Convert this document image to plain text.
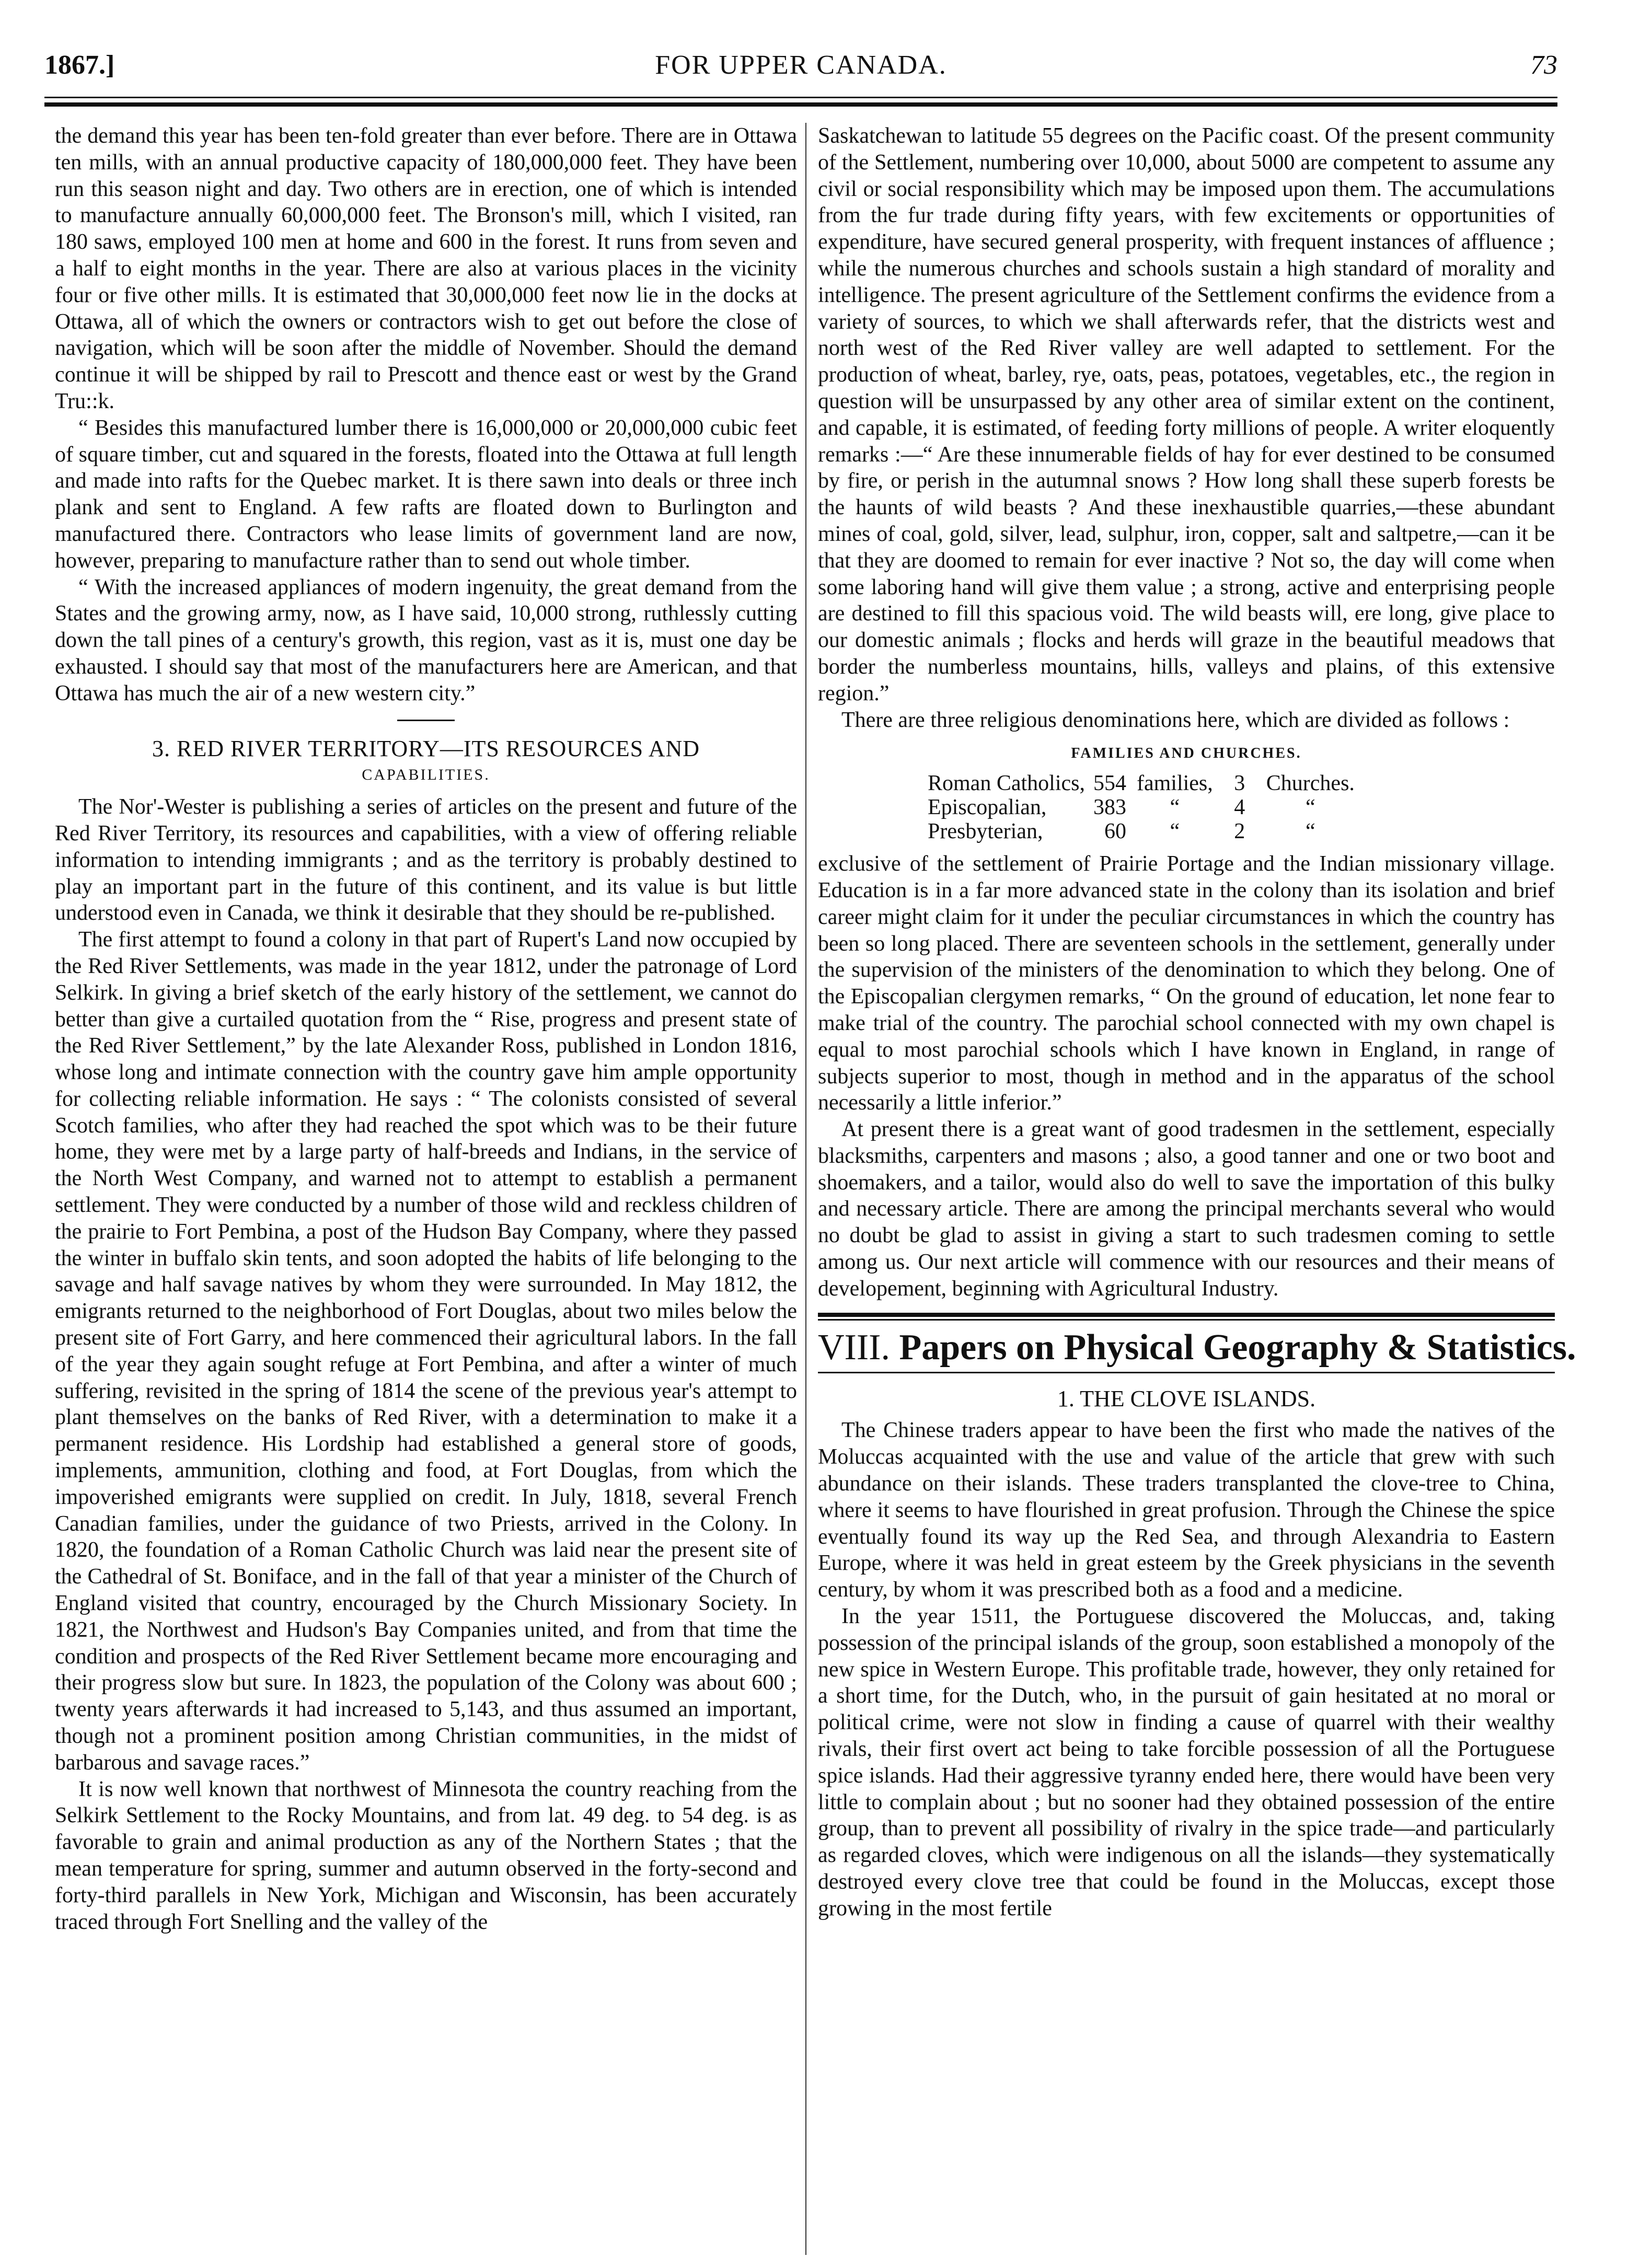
1867.]	FOR UPPER CANADA.	73

the demand this year has been ten-fold greater than ever before. There are in Ottawa ten mills, with an annual productive capacity of 180,000,000 feet. They have been run this season night and day. Two others are in erection, one of which is intended to manufacture annually 60,000,000 feet. The Bronson's mill, which I visited, ran 180 saws, employed 100 men at home and 600 in the forest. It runs from seven and a half to eight months in the year. There are also at various places in the vicinity four or five other mills. It is estimated that 30,000,000 feet now lie in the docks at Ottawa, all of which the owners or contractors wish to get out before the close of navigation, which will be soon after the middle of November. Should the demand continue it will be shipped by rail to Prescott and thence east or west by the Grand Tru::k.

“ Besides this manufactured lumber there is 16,000,000 or 20,000,000 cubic feet of square timber, cut and squared in the forests, floated into the Ottawa at full length and made into rafts for the Quebec market. It is there sawn into deals or three inch plank and sent to England. A few rafts are floated down to Burlington and manufactured there. Contractors who lease limits of government land are now, however, preparing to manufacture rather than to send out whole timber.

“ With the increased appliances of modern ingenuity, the great demand from the States and the growing army, now, as I have said, 10,000 strong, ruthlessly cutting down the tall pines of a century's growth, this region, vast as it is, must one day be exhausted. I should say that most of the manufacturers here are American, and that Ottawa has much the air of a new western city.”

3. RED RIVER TERRITORY—ITS RESOURCES AND
CAPABILITIES.

The Nor'-Wester is publishing a series of articles on the present and future of the Red River Territory, its resources and capabilities, with a view of offering reliable information to intending immigrants ; and as the territory is probably destined to play an important part in the future of this continent, and its value is but little understood even in Canada, we think it desirable that they should be re-published.

The first attempt to found a colony in that part of Rupert's Land now occupied by the Red River Settlements, was made in the year 1812, under the patronage of Lord Selkirk. In giving a brief sketch of the early history of the settlement, we cannot do better than give a curtailed quotation from the “ Rise, progress and present state of the Red River Settlement,” by the late Alexander Ross, published in London 1816, whose long and intimate connection with the country gave him ample opportunity for collecting reliable information. He says : “ The colonists consisted of several Scotch families, who after they had reached the spot which was to be their future home, they were met by a large party of half-breeds and Indians, in the service of the North West Company, and warned not to attempt to establish a permanent settlement. They were conducted by a number of those wild and reckless children of the prairie to Fort Pembina, a post of the Hudson Bay Company, where they passed the winter in buffalo skin tents, and soon adopted the habits of life belonging to the savage and half savage natives by whom they were surrounded. In May 1812, the emigrants returned to the neighborhood of Fort Douglas, about two miles below the present site of Fort Garry, and here commenced their agricultural labors. In the fall of the year they again sought refuge at Fort Pembina, and after a winter of much suffering, revisited in the spring of 1814 the scene of the previous year's attempt to plant themselves on the banks of Red River, with a determination to make it a permanent residence. His Lordship had established a general store of goods, implements, ammunition, clothing and food, at Fort Douglas, from which the impoverished emigrants were supplied on credit. In July, 1818, several French Canadian families, under the guidance of two Priests, arrived in the Colony. In 1820, the foundation of a Roman Catholic Church was laid near the present site of the Cathedral of St. Boniface, and in the fall of that year a minister of the Church of England visited that country, encouraged by the Church Missionary Society. In 1821, the Northwest and Hudson's Bay Companies united, and from that time the condition and prospects of the Red River Settlement became more encouraging and their progress slow but sure. In 1823, the population of the Colony was about 600 ; twenty years afterwards it had increased to 5,143, and thus assumed an important, though not a prominent position among Christian communities, in the midst of barbarous and savage races.”

It is now well known that northwest of Minnesota the country reaching from the Selkirk Settlement to the Rocky Mountains, and from lat. 49 deg. to 54 deg. is as favorable to grain and animal production as any of the Northern States ; that the mean temperature for spring, summer and autumn observed in the forty-second and forty-third parallels in New York, Michigan and Wisconsin, has been accurately traced through Fort Snelling and the valley of the

Saskatchewan to latitude 55 degrees on the Pacific coast. Of the present community of the Settlement, numbering over 10,000, about 5000 are competent to assume any civil or social responsibility which may be imposed upon them. The accumulations from the fur trade during fifty years, with few excitements or opportunities of expenditure, have secured general prosperity, with frequent instances of affluence ; while the numerous churches and schools sustain a high standard of morality and intelligence. The present agriculture of the Settlement confirms the evidence from a variety of sources, to which we shall afterwards refer, that the districts west and north west of the Red River valley are well adapted to settlement. For the production of wheat, barley, rye, oats, peas, potatoes, vegetables, etc., the region in question will be unsurpassed by any other area of similar extent on the continent, and capable, it is estimated, of feeding forty millions of people. A writer eloquently remarks :—“ Are these innumerable fields of hay for ever destined to be consumed by fire, or perish in the autumnal snows ? How long shall these superb forests be the haunts of wild beasts ? And these inexhaustible quarries,—these abundant mines of coal, gold, silver, lead, sulphur, iron, copper, salt and saltpetre,—can it be that they are doomed to remain for ever inactive ? Not so, the day will come when some laboring hand will give them value ; a strong, active and enterprising people are destined to fill this spacious void. The wild beasts will, ere long, give place to our domestic animals ; flocks and herds will graze in the beautiful meadows that border the numberless mountains, hills, valleys and plains, of this extensive region.”

There are three religious denominations here, which are divided as follows :

FAMILIES AND CHURCHES.
Roman Catholics,	554	families,	3	Churches.
Episcopalian,	383	“	4	“
Presbyterian,	60	“	2	“

exclusive of the settlement of Prairie Portage and the Indian missionary village. Education is in a far more advanced state in the colony than its isolation and brief career might claim for it under the peculiar circumstances in which the country has been so long placed. There are seventeen schools in the settlement, generally under the supervision of the ministers of the denomination to which they belong. One of the Episcopalian clergymen remarks, “ On the ground of education, let none fear to make trial of the country. The parochial school connected with my own chapel is equal to most parochial schools which I have known in England, in range of subjects superior to most, though in method and in the apparatus of the school necessarily a little inferior.”

At present there is a great want of good tradesmen in the settlement, especially blacksmiths, carpenters and masons ; also, a good tanner and one or two boot and shoemakers, and a tailor, would also do well to save the importation of this bulky and necessary article. There are among the principal merchants several who would no doubt be glad to assist in giving a start to such tradesmen coming to settle among us. Our next article will commence with our resources and their means of developement, beginning with Agricultural Industry.

VIII. Papers on Physical Geography & Statistics.
1. THE CLOVE ISLANDS.

The Chinese traders appear to have been the first who made the natives of the Moluccas acquainted with the use and value of the article that grew with such abundance on their islands. These traders transplanted the clove-tree to China, where it seems to have flourished in great profusion. Through the Chinese the spice eventually found its way up the Red Sea, and through Alexandria to Eastern Europe, where it was held in great esteem by the Greek physicians in the seventh century, by whom it was prescribed both as a food and a medicine.

In the year 1511, the Portuguese discovered the Moluccas, and, taking possession of the principal islands of the group, soon established a monopoly of the new spice in Western Europe. This profitable trade, however, they only retained for a short time, for the Dutch, who, in the pursuit of gain hesitated at no moral or political crime, were not slow in finding a cause of quarrel with their wealthy rivals, their first overt act being to take forcible possession of all the Portuguese spice islands. Had their aggressive tyranny ended here, there would have been very little to complain about ; but no sooner had they obtained possession of the entire group, than to prevent all possibility of rivalry in the spice trade—and particularly as regarded cloves, which were indigenous on all the islands—they systematically destroyed every clove tree that could be found in the Moluccas, except those growing in the most fertile
